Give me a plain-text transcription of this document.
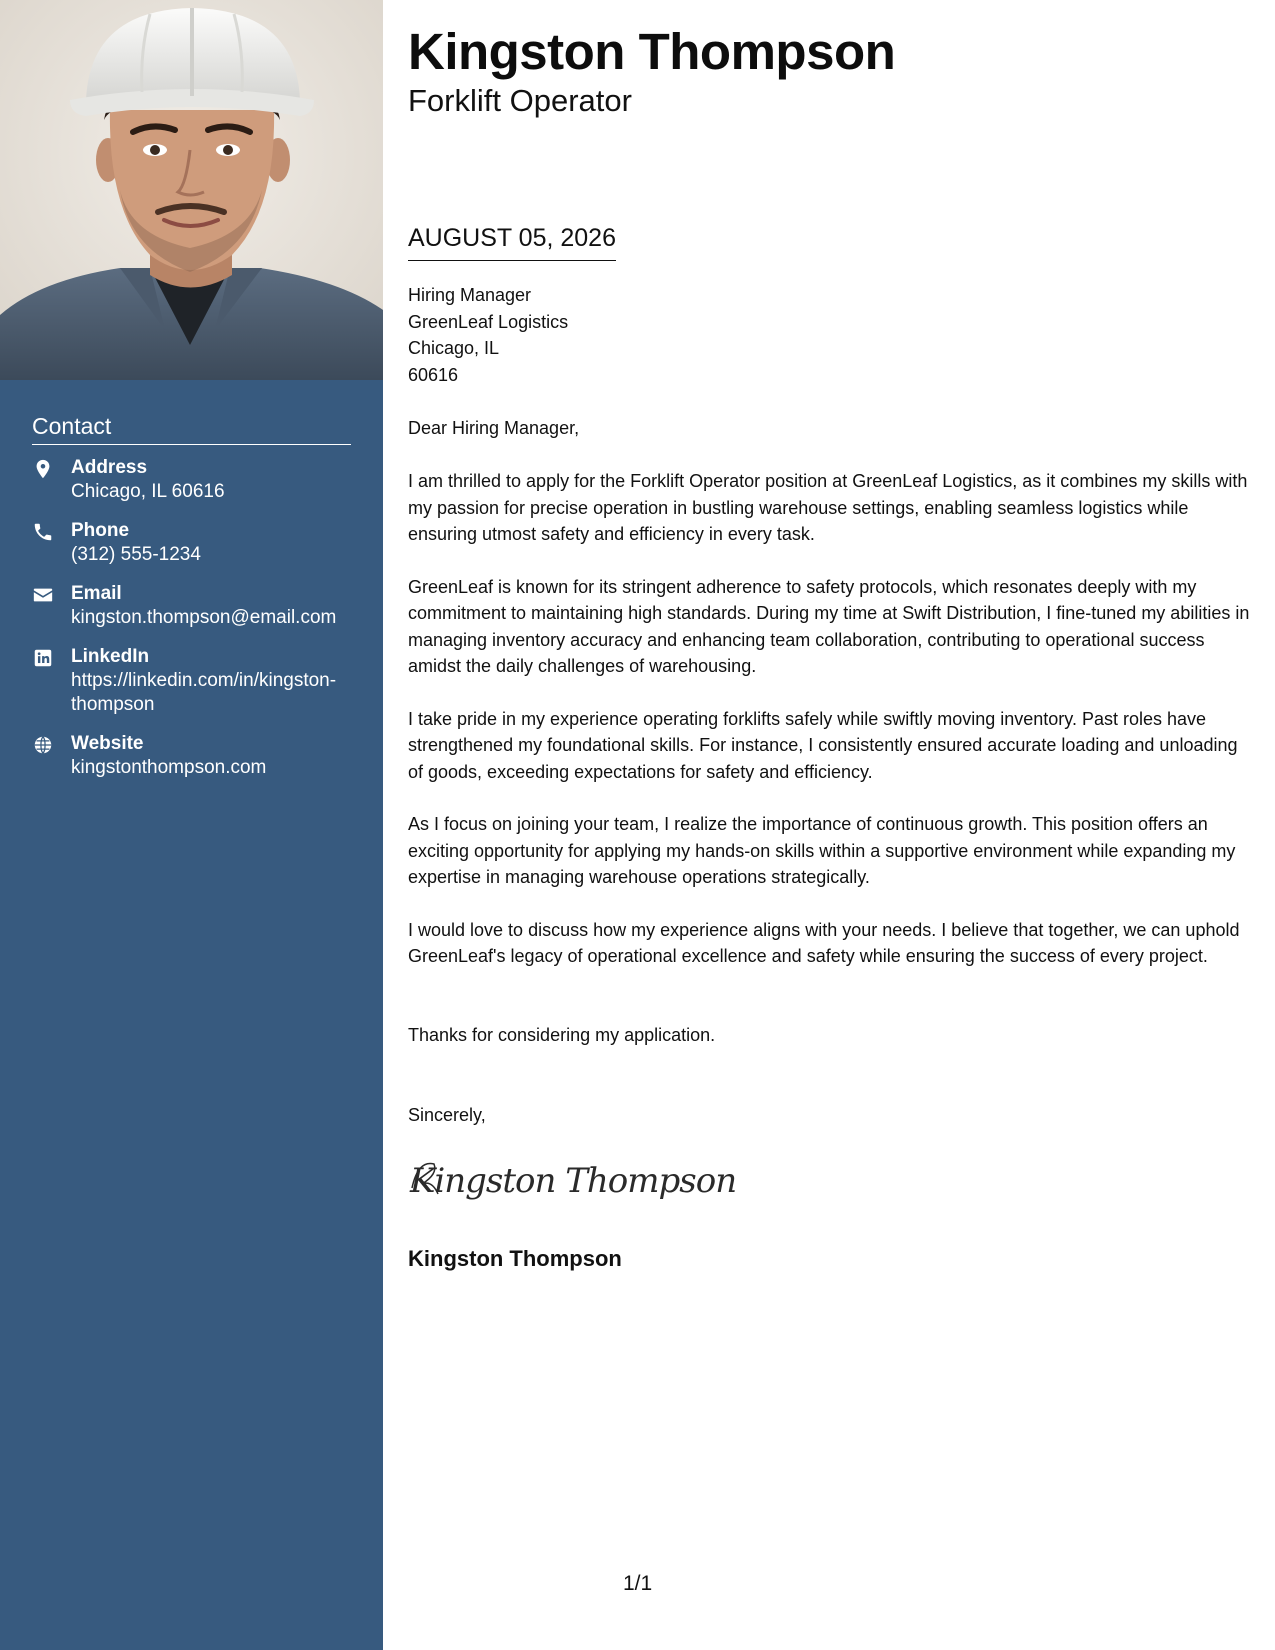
Contact
Address
Chicago, IL 60616
Phone
(312) 555-1234
Email
kingston.thompson@email.com
LinkedIn
https://linkedin.com/in/kingston-thompson
Website
kingstonthompson.com
Kingston Thompson
Forklift Operator
AUGUST 05, 2026
Hiring Manager
GreenLeaf Logistics
Chicago, IL
60616

Dear Hiring Manager,

I am thrilled to apply for the Forklift Operator position at GreenLeaf Logistics, as it combines my skills with my passion for precise operation in bustling warehouse settings, enabling seamless logistics while ensuring utmost safety and efficiency in every task.

GreenLeaf is known for its stringent adherence to safety protocols, which resonates deeply with my commitment to maintaining high standards. During my time at Swift Distribution, I fine-tuned my abilities in managing inventory accuracy and enhancing team collaboration, contributing to operational success amidst the daily challenges of warehousing.

I take pride in my experience operating forklifts safely while swiftly moving inventory. Past roles have strengthened my foundational skills. For instance, I consistently ensured accurate loading and unloading of goods, exceeding expectations for safety and efficiency.

As I focus on joining your team, I realize the importance of continuous growth. This position offers an exciting opportunity for applying my hands-on skills within a supportive environment while expanding my expertise in managing warehouse operations strategically.

I would love to discuss how my experience aligns with your needs. I believe that together, we can uphold GreenLeaf's legacy of operational excellence and safety while ensuring the success of every project.

Thanks for considering my application.

Sincerely,

Kingston Thompson

Kingston Thompson

1/1
